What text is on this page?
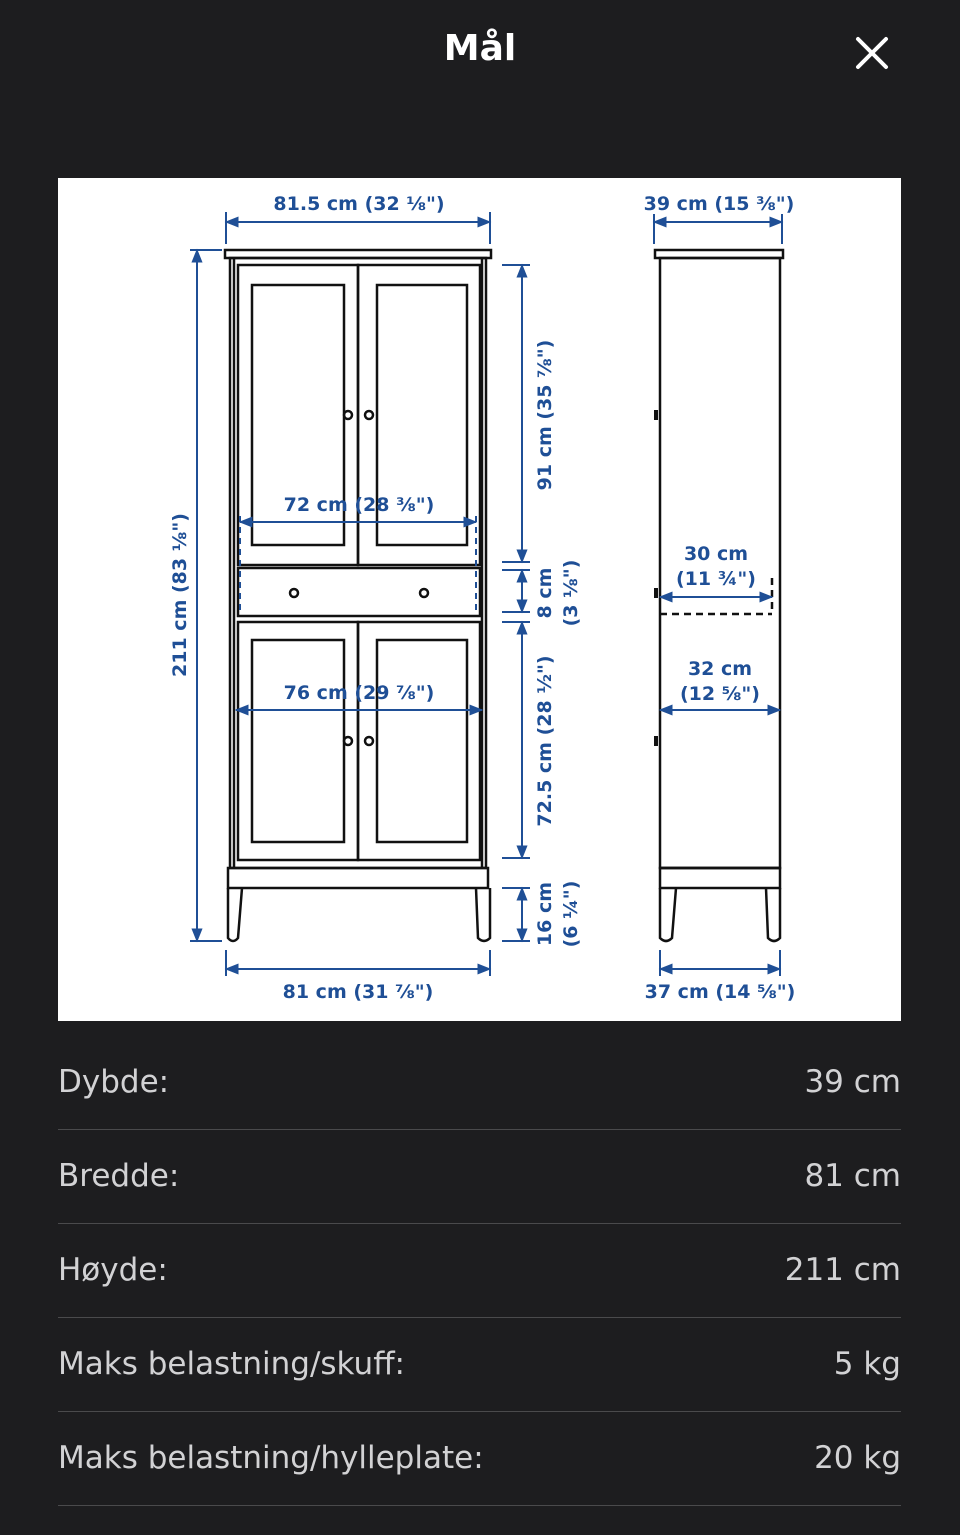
Mål
81.5 cm (32 ⅛")	39 cm (15 ⅜")
211 cm (83 ⅛")
91 cm (35 ⅞")
8 cm (3 ⅛")
72.5 cm (28 ½")
16 cm (6 ¼")
72 cm (28 ⅜")
76 cm (29 ⅞")
81 cm (31 ⅞")
30 cm
(11 ¾")
32 cm
(12 ⅝")
37 cm (14 ⅝")
Dybde:	39 cm
Bredde:	81 cm
Høyde:	211 cm
Maks belastning/skuff:	5 kg
Maks belastning/hylleplate:	20 kg
